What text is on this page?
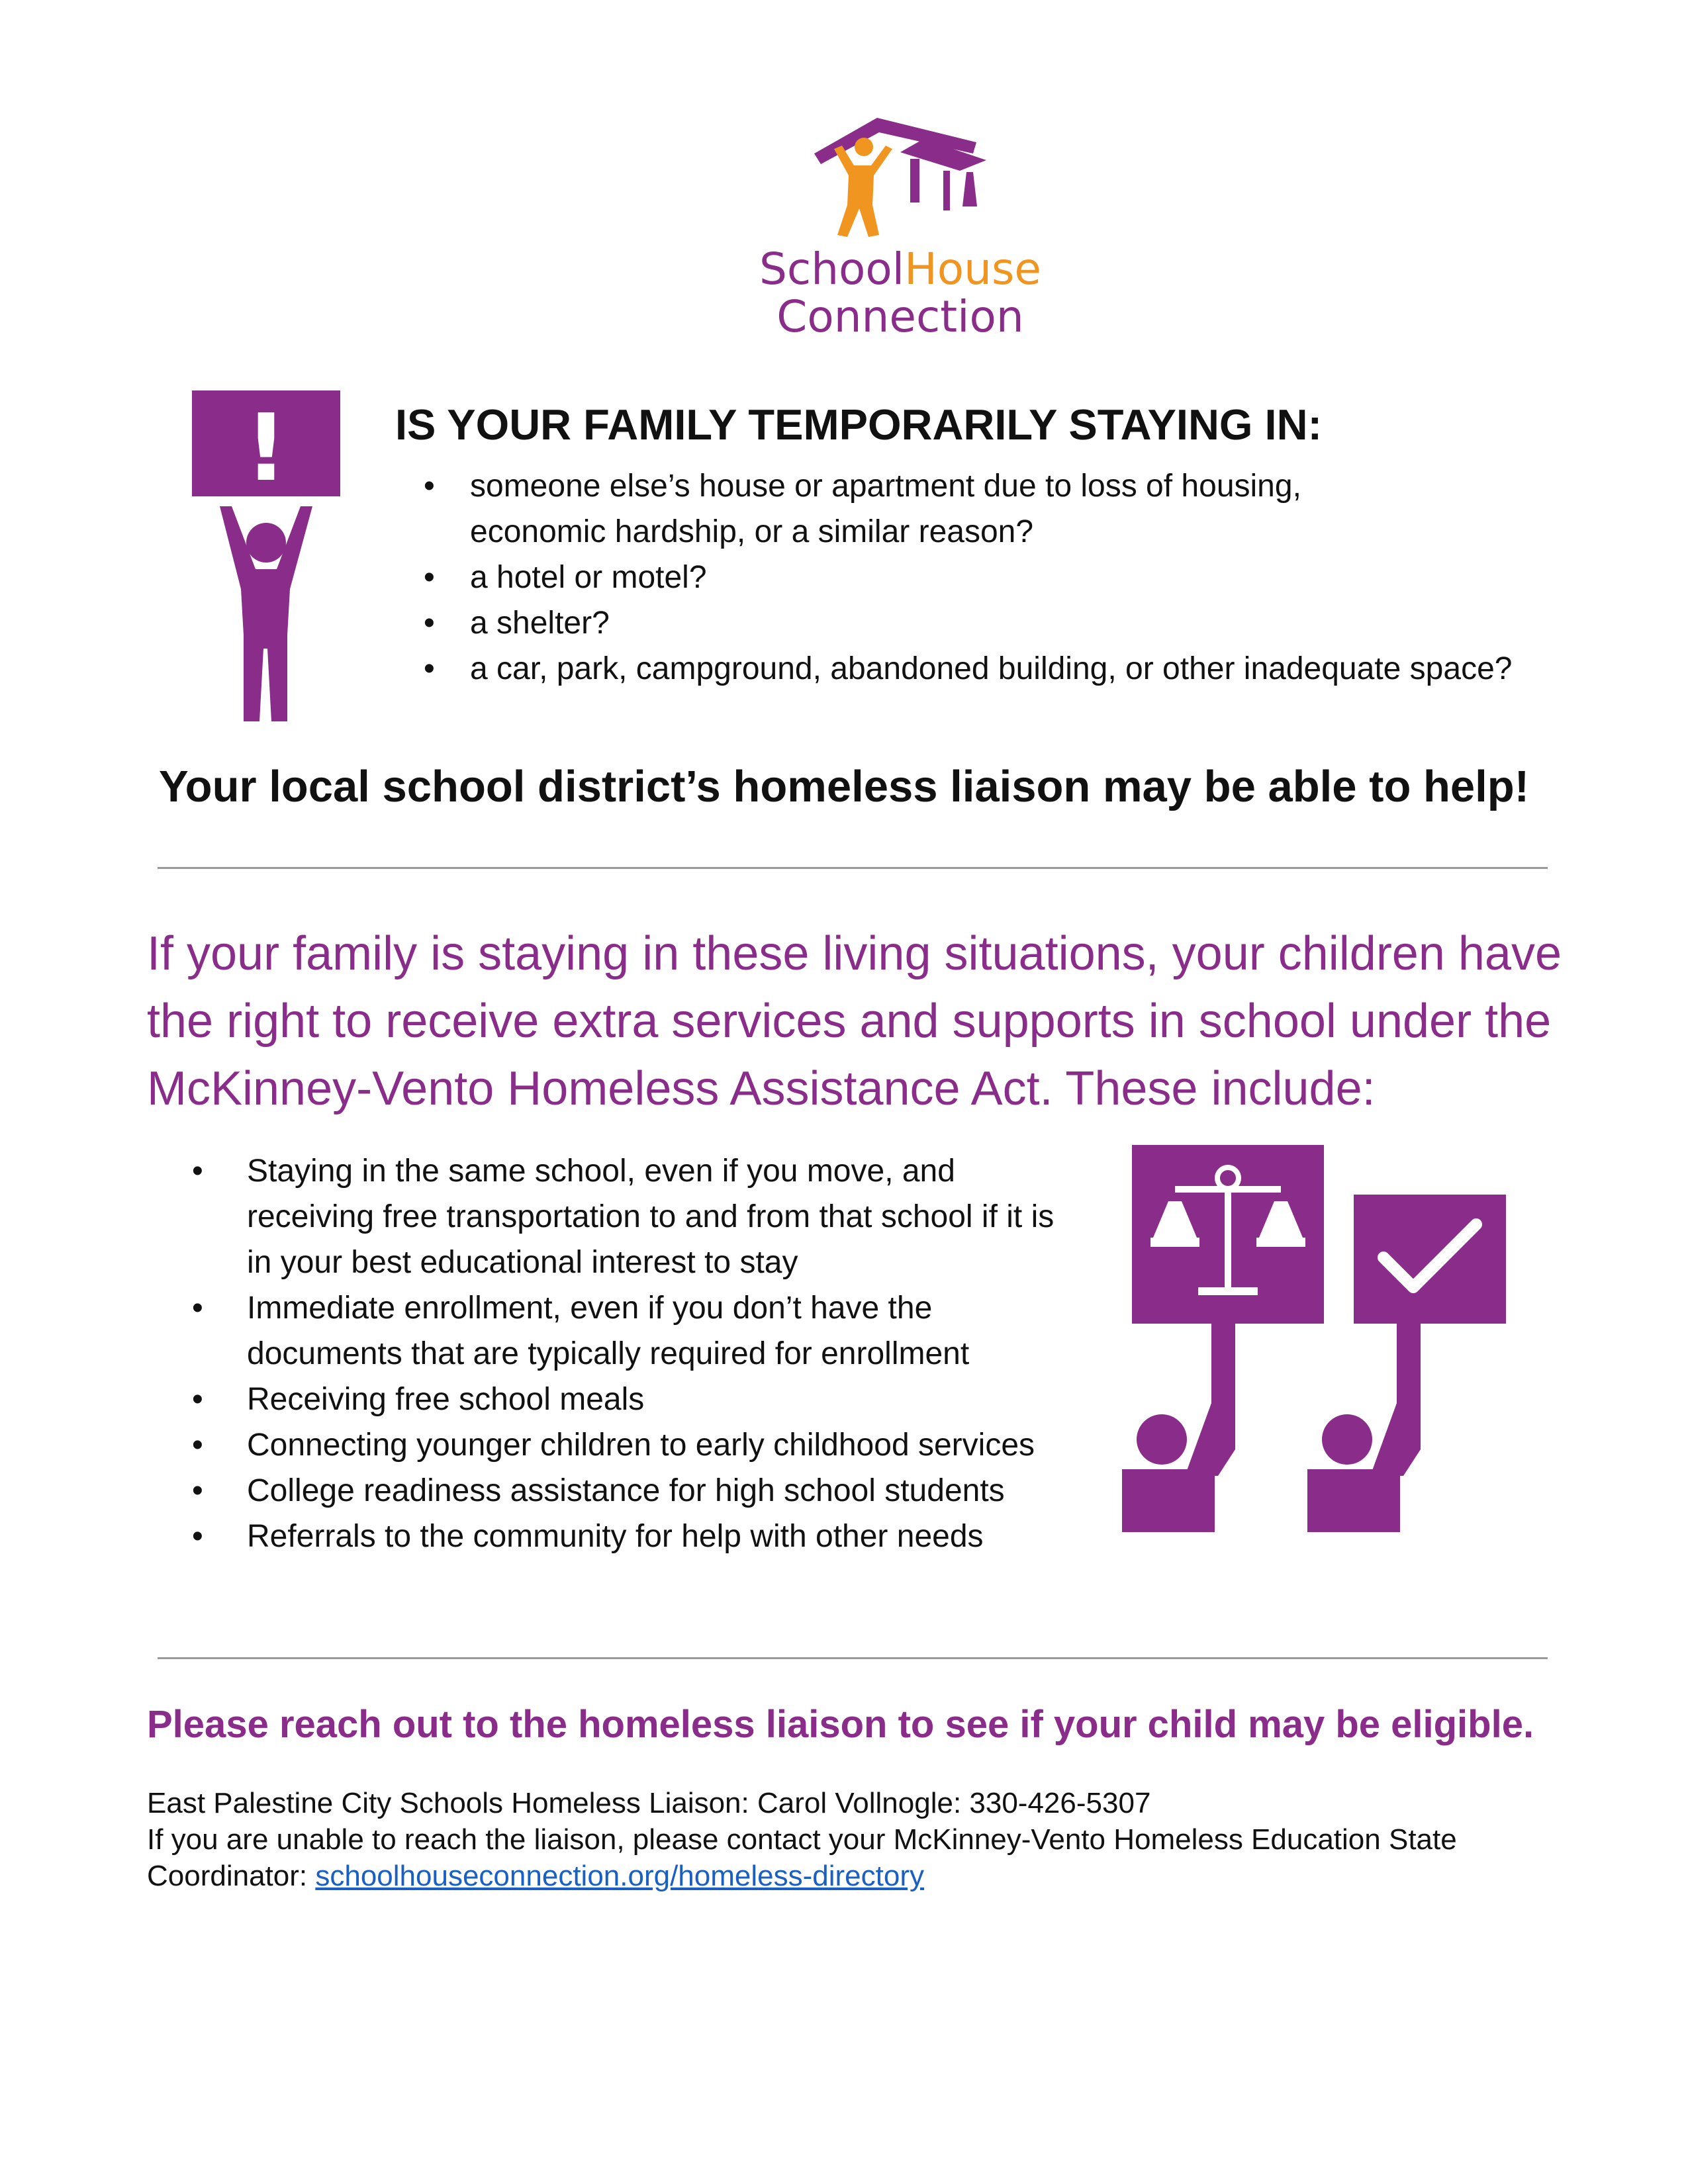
SchoolHouse
Connection
!	IS YOUR FAMILY TEMPORARILY STAYING IN:
• someone else’s house or apartment due to loss of housing, economic hardship, or a similar reason?
• a hotel or motel?
• a shelter?
• a car, park, campground, abandoned building, or other inadequate space?
Your local school district’s homeless liaison may be able to help!

If your family is staying in these living situations, your children have the right to receive extra services and supports in school under the McKinney-Vento Homeless Assistance Act. These include:

• Staying in the same school, even if you move, and receiving free transportation to and from that school if it is in your best educational interest to stay
• Immediate enrollment, even if you don’t have the documents that are typically required for enrollment
• Receiving free school meals
• Connecting younger children to early childhood services
• College readiness assistance for high school students
• Referrals to the community for help with other needs
Please reach out to the homeless liaison to see if your child may be eligible.
East Palestine City Schools Homeless Liaison: Carol Vollnogle: 330-426-5307
If you are unable to reach the liaison, please contact your McKinney-Vento Homeless Education State Coordinator: schoolhouseconnection.org/homeless-directory
